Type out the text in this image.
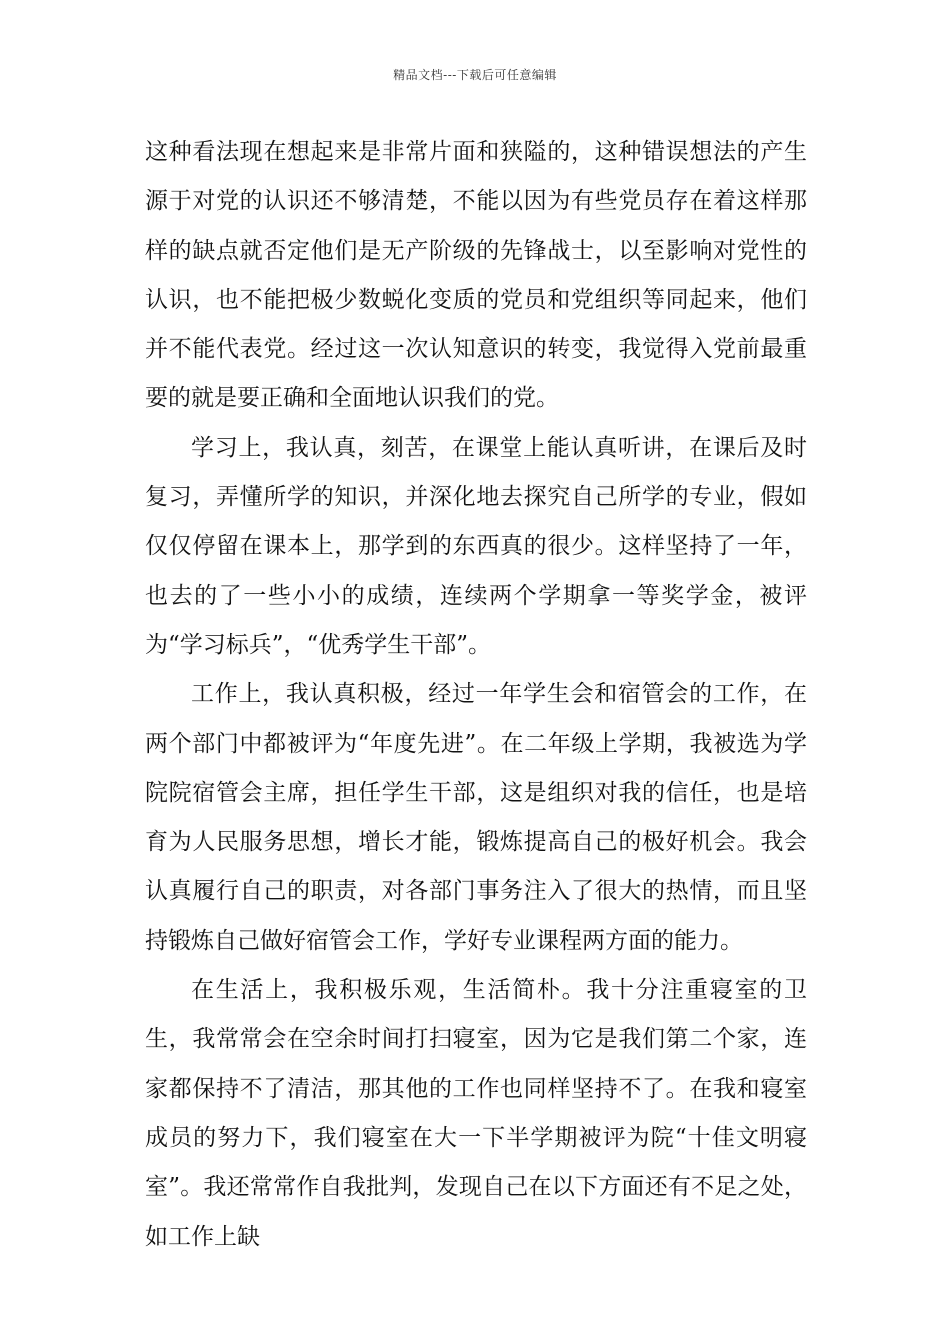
精品文档---下载后可任意编辑

这种看法现在想起来是非常片面和狭隘的，这种错误想法的产生源于对党的认识还不够清楚，不能以因为有些党员存在着这样那样的缺点就否定他们是无产阶级的先锋战士，以至影响对党性的认识，也不能把极少数蜕化变质的党员和党组织等同起来，他们并不能代表党。经过这一次认知意识的转变，我觉得入党前最重要的就是要正确和全面地认识我们的党。

学习上，我认真，刻苦，在课堂上能认真听讲，在课后及时复习，弄懂所学的知识，并深化地去探究自己所学的专业，假如仅仅停留在课本上，那学到的东西真的很少。这样坚持了一年，也去的了一些小小的成绩，连续两个学期拿一等奖学金，被评为“学习标兵”，“优秀学生干部”。

工作上，我认真积极，经过一年学生会和宿管会的工作，在两个部门中都被评为“年度先进”。在二年级上学期，我被选为学院院宿管会主席，担任学生干部，这是组织对我的信任，也是培育为人民服务思想，增长才能，锻炼提高自己的极好机会。我会认真履行自己的职责，对各部门事务注入了很大的热情，而且坚持锻炼自己做好宿管会工作，学好专业课程两方面的能力。

在生活上，我积极乐观，生活简朴。我十分注重寝室的卫生，我常常会在空余时间打扫寝室，因为它是我们第二个家，连家都保持不了清洁，那其他的工作也同样坚持不了。在我和寝室成员的努力下，我们寝室在大一下半学期被评为院“十佳文明寝室”。我还常常作自我批判，发现自己在以下方面还有不足之处，如工作上缺
